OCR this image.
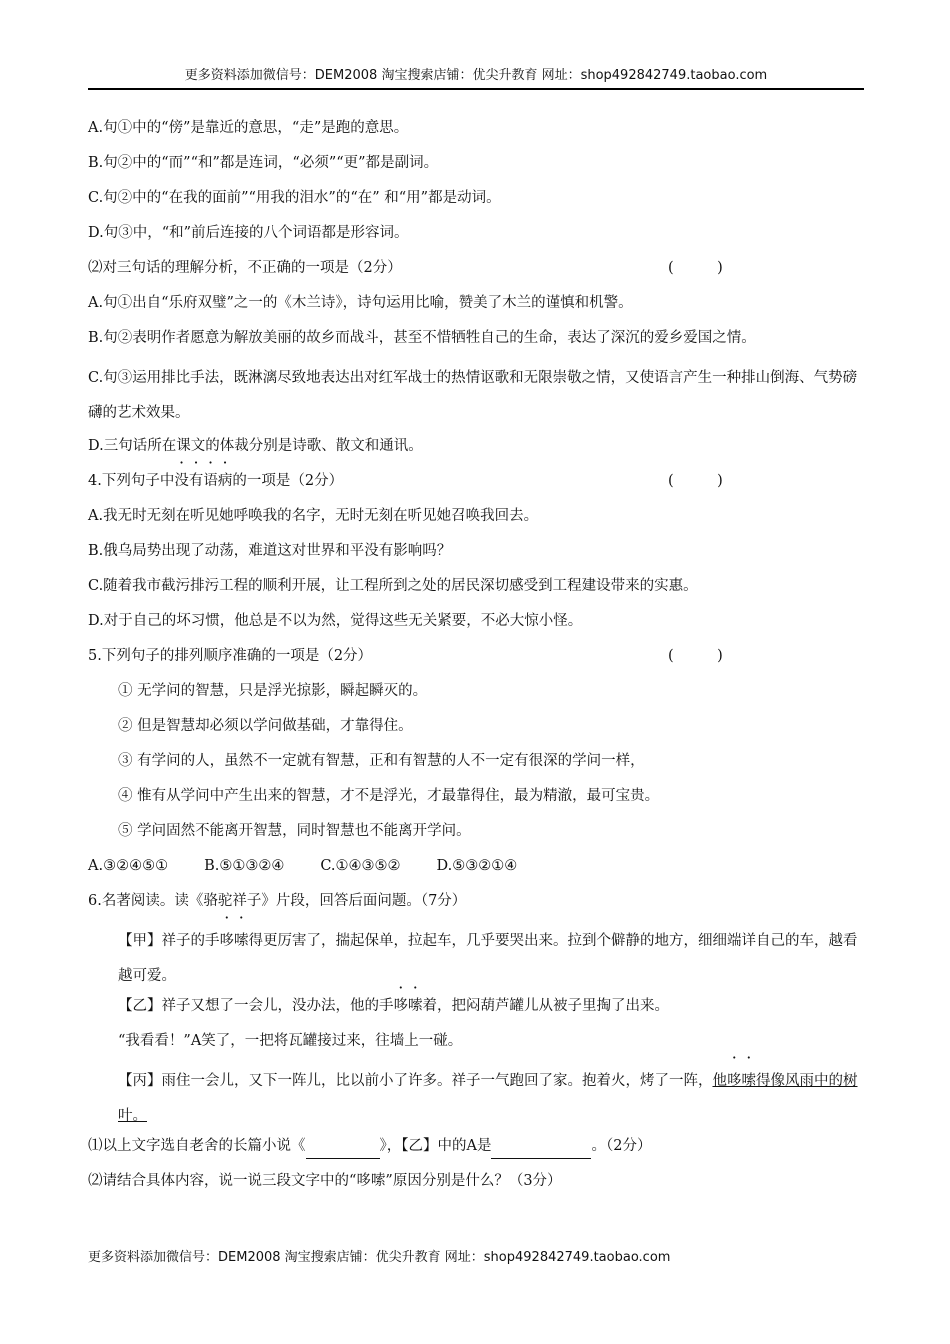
更多资料添加微信号：DEM2008 淘宝搜索店铺：优尖升教育 网址：shop492842749.taobao.com
A.句①中的“傍”是靠近的意思，“走”是跑的意思。
B.句②中的“而”“和”都是连词，“必须”“更”都是副词。
C.句②中的“在我的面前”“用我的泪水”的“在” 和“用”都是动词。
D.句③中，“和”前后连接的八个词语都是形容词。
⑵对三句话的理解分析，不正确的一项是（2分）	(　　　)
A.句①出自“乐府双璧”之一的《木兰诗》，诗句运用比喻，赞美了木兰的谨慎和机警。
B.句②表明作者愿意为解放美丽的故乡而战斗，甚至不惜牺牲自己的生命，表达了深沉的爱乡爱国之情。
C.句③运用排比手法，既淋漓尽致地表达出对红军战士的热情讴歌和无限崇敬之情，又使语言产生一种排山倒海、气势磅礴的艺术效果。
D.三句话所在课文的体裁分别是诗歌、散文和通讯。
4.下列句子中没有语病的一项是（2分）	(　　　)
A.我无时无刻在听见她呼唤我的名字，无时无刻在听见她召唤我回去。
B.俄乌局势出现了动荡，难道这对世界和平没有影响吗？
C.随着我市截污排污工程的顺利开展，让工程所到之处的居民深切感受到工程建设带来的实惠。
D.对于自己的坏习惯，他总是不以为然，觉得这些无关紧要，不必大惊小怪。
5.下列句子的排列顺序准确的一项是（2分）	(　　　)
① 无学问的智慧，只是浮光掠影，瞬起瞬灭的。
② 但是智慧却必须以学问做基础，才靠得住。
③ 有学问的人，虽然不一定就有智慧，正和有智慧的人不一定有很深的学问一样，
④ 惟有从学问中产生出来的智慧，才不是浮光，才最靠得住，最为精澈，最可宝贵。
⑤ 学问固然不能离开智慧，同时智慧也不能离开学问。
A.③②④⑤① B.⑤①③②④ C.①④③⑤② D.⑤③②①④
6.名著阅读。读《骆驼祥子》片段，回答后面问题。（7分）
【甲】祥子的手哆嗦得更厉害了，揣起保单，拉起车，几乎要哭出来。拉到个僻静的地方，细细端详自己的车，越看越可爱。
【乙】祥子又想了一会儿，没办法，他的手哆嗦着，把闷葫芦罐儿从被子里掏了出来。
“我看看！”A笑了，一把将瓦罐接过来，往墙上一碰。
【丙】雨住一会儿，又下一阵儿，比以前小了许多。祥子一气跑回了家。抱着火，烤了一阵，他哆嗦得像风雨中的树叶。
⑴以上文字选自老舍的长篇小说《	》，【乙】中的A是	。（2分）
⑵请结合具体内容，说一说三段文字中的“哆嗦”原因分别是什么？（3分）
更多资料添加微信号：DEM2008 淘宝搜索店铺：优尖升教育 网址：shop492842749.taobao.com
